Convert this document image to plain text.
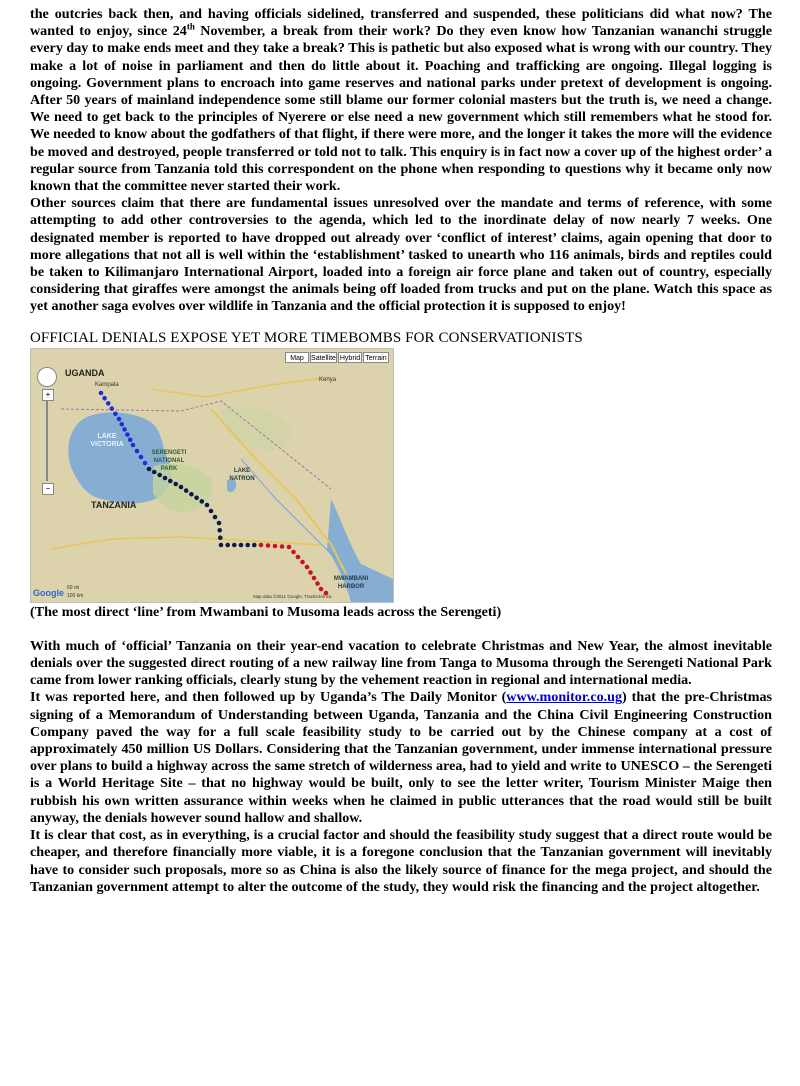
the outcries back then, and having officials sidelined, transferred and suspended, these politicians did what now? The wanted to enjoy, since 24th November, a break from their work? Do they even know how Tanzanian wananchi struggle every day to make ends meet and they take a break? This is pathetic but also exposed what is wrong with our country. They make a lot of noise in parliament and then do little about it. Poaching and trafficking are ongoing. Illegal logging is ongoing. Government plans to encroach into game reserves and national parks under pretext of development is ongoing. After 50 years of mainland independence some still blame our former colonial masters but the truth is, we need a change. We need to get back to the principles of Nyerere or else need a new government which still remembers what he stood for. We needed to know about the godfathers of that flight, if there were more, and the longer it takes the more will the evidence be moved and destroyed, people transferred or told not to talk. This enquiry is in fact now a cover up of the highest order’ a regular source from Tanzania told this correspondent on the phone when responding to questions why it became only now known that the committee never started their work.

Other sources claim that there are fundamental issues unresolved over the mandate and terms of reference, with some attempting to add other controversies to the agenda, which led to the inordinate delay of now nearly 7 weeks. One designated member is reported to have dropped out already over ‘conflict of interest’ claims, again opening that door to more allegations that not all is well within the ‘establishment’ tasked to unearth who 116 animals, birds and reptiles could be taken to Kilimanjaro International Airport, loaded into a foreign air force plane and taken out of country, especially considering that giraffes were amongst the animals being off loaded from trucks and put on the plane. Watch this space as yet another saga evolves over wildlife in Tanzania and the official protection it is supposed to enjoy!

OFFICIAL DENIALS EXPOSE YET MORE TIMEBOMBS FOR CONSERVATIONISTS

Map	Satellite Hybrid Terrain
+
−
UGANDA
Kampala
Kenya
LAKE VICTORIA
SERENGETI NATIONAL PARK	LAKE NATRON
TANZANIA
MWAMBANI HARBOR
Google 60 mi
100 km	Map data ©2011 Google, Tracks4Africa

(The most direct ‘line’ from Mwambani to Musoma leads across the Serengeti)

With much of ‘official’ Tanzania on their year-end vacation to celebrate Christmas and New Year, the almost inevitable denials over the suggested direct routing of a new railway line from Tanga to Musoma through the Serengeti National Park came from lower ranking officials, clearly stung by the vehement reaction in regional and international media.

It was reported here, and then followed up by Uganda’s The Daily Monitor (www.monitor.co.ug) that the pre-Christmas signing of a Memorandum of Understanding between Uganda, Tanzania and the China Civil Engineering Construction Company paved the way for a full scale feasibility study to be carried out by the Chinese company at a cost of approximately 450 million US Dollars. Considering that the Tanzanian government, under immense international pressure over plans to build a highway across the same stretch of wilderness area, had to yield and write to UNESCO – the Serengeti is a World Heritage Site – that no highway would be built, only to see the letter writer, Tourism Minister Maige then rubbish his own written assurance within weeks when he claimed in public utterances that the road would still be built anyway, the denials however sound hallow and shallow.

It is clear that cost, as in everything, is a crucial factor and should the feasibility study suggest that a direct route would be cheaper, and therefore financially more viable, it is a foregone conclusion that the Tanzanian government will inevitably have to consider such proposals, more so as China is also the likely source of finance for the mega project, and should the Tanzanian government attempt to alter the outcome of the study, they would risk the financing and the project altogether.
